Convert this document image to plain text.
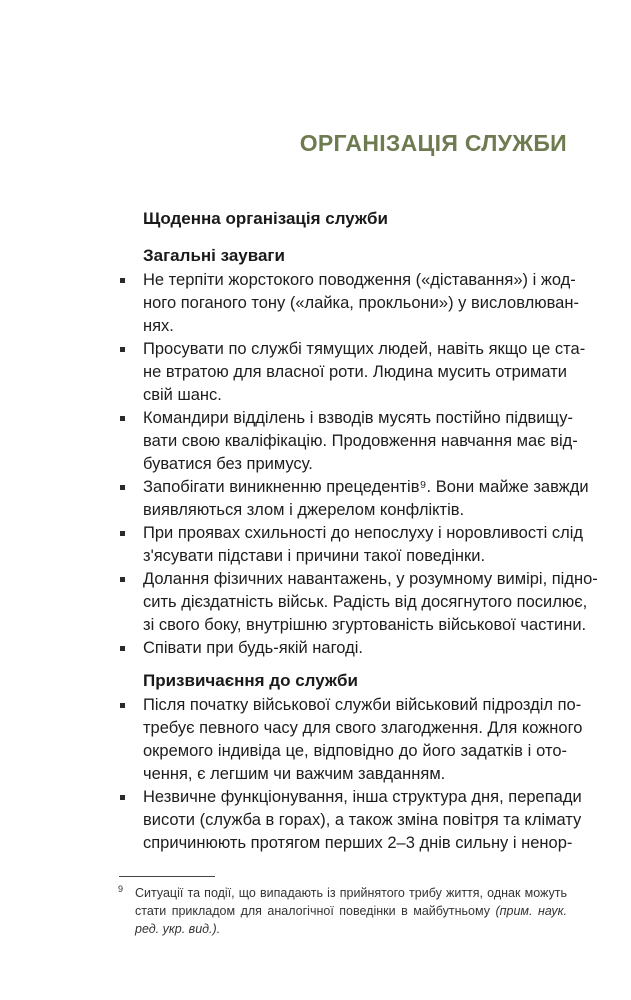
ОРГАНІЗАЦІЯ СЛУЖБИ
Щоденна організація служби
Загальні зауваги
Не терпіти жорстокого поводження («діставання») і жод-
ного поганого тону («лайка, прокльони») у висловлюван-
нях.
Просувати по службі тямущих людей, навіть якщо це ста-
не втратою для власної роти. Людина мусить отримати
свій шанс.
Командири відділень і взводів мусять постійно підвищу-
вати свою кваліфікацію. Продовження навчання має від-
буватися без примусу.
Запобігати виникненню прецедентів⁹. Вони майже завжди
виявляються злом і джерелом конфліктів.
При проявах схильності до непослуху і норовливості слід
з'ясувати підстави і причини такої поведінки.
Долання фізичних навантажень, у розумному вимірі, підно-
сить дієздатність військ. Радість від досягнутого посилює,
зі свого боку, внутрішню згуртованість військової частини.
Співати при будь-якій нагоді.
Призвичаєння до служби
Після початку військової служби військовий підрозділ по-
требує певного часу для свого злагодження. Для кожного
окремого індивіда це, відповідно до його задатків і ото-
чення, є легшим чи важчим завданням.
Незвичне функціонування, інша структура дня, перепади
висоти (служба в горах), а також зміна повітря та клімату
спричинюють протягом перших 2–3 днів сильну і ненор-
9 Ситуації та події, що випадають із прийнятого трибу життя, однак можуть
стати прикладом для аналогічної поведінки в майбутньому (прим. наук.
ред. укр. вид.).
